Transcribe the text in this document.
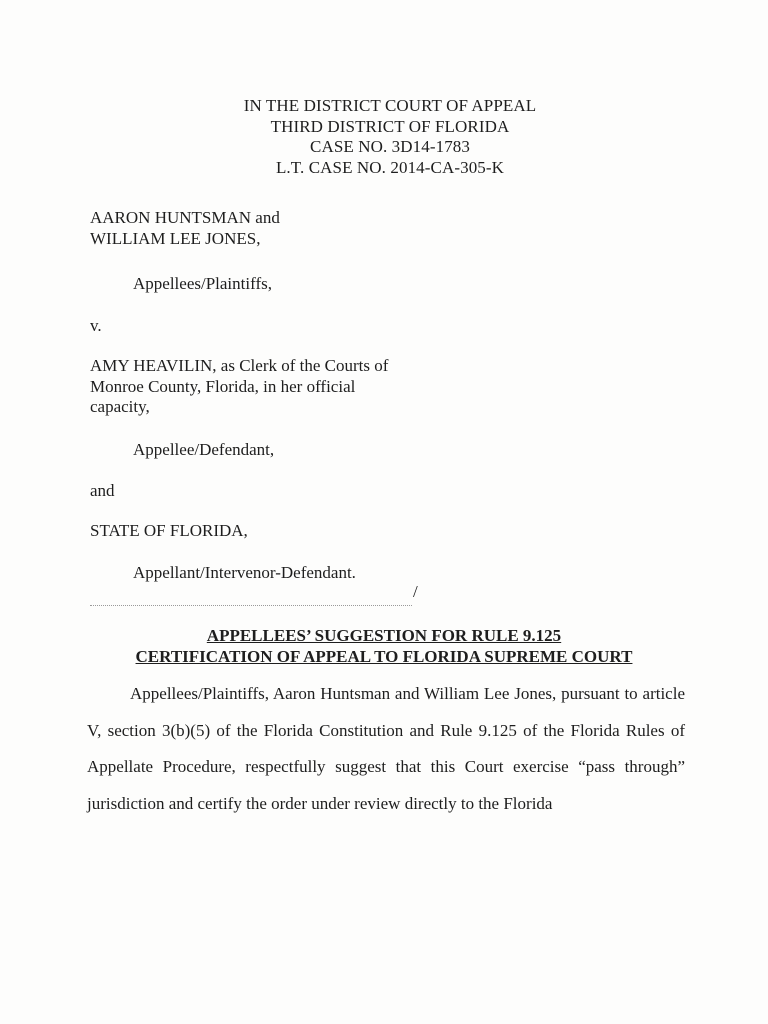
IN THE DISTRICT COURT OF APPEAL
THIRD DISTRICT OF FLORIDA
CASE NO. 3D14-1783
L.T. CASE NO. 2014-CA-305-K
AARON HUNTSMAN and
WILLIAM LEE JONES,
Appellees/Plaintiffs,
v.
AMY HEAVILIN, as Clerk of the Courts of
Monroe County, Florida, in her official
capacity,
Appellee/Defendant,
and
STATE OF FLORIDA,
Appellant/Intervenor-Defendant.
/
APPELLEES’ SUGGESTION FOR RULE 9.125
CERTIFICATION OF APPEAL TO FLORIDA SUPREME COURT
Appellees/Plaintiffs, Aaron Huntsman and William Lee Jones, pursuant to article V, section 3(b)(5) of the Florida Constitution and Rule 9.125 of the Florida Rules of Appellate Procedure, respectfully suggest that this Court exercise “pass through” jurisdiction and certify the order under review directly to the Florida
